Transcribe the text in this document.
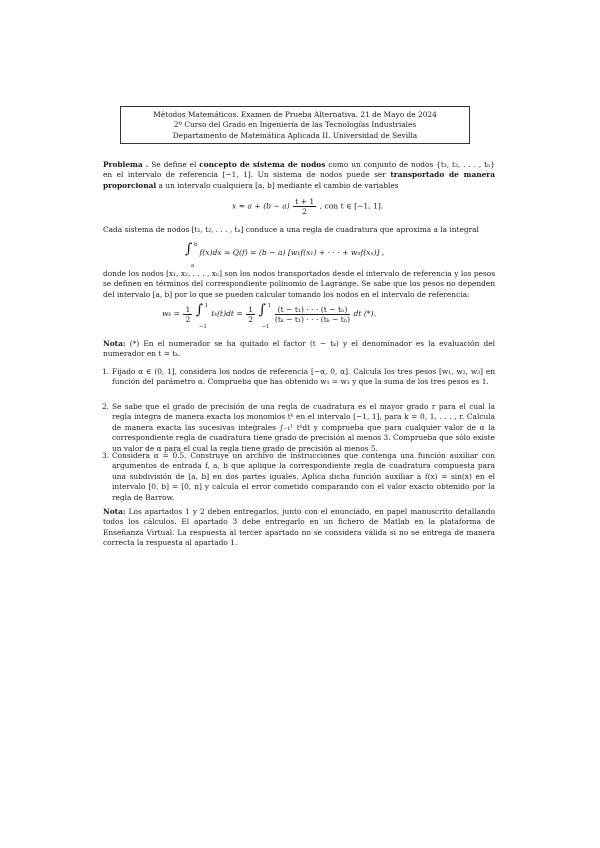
Métodos Matemáticos. Examen de Prueba Alternativa. 21 de Mayo de 2024
2º Curso del Grado en Ingeniería de las Tecnologías Industriales
Departamento de Matemática Aplicada II. Universidad de Sevilla
Problema . Se define el concepto de sistema de nodos como un conjunto de nodos {t₁, t₂, . . . , tₙ} en el intervalo de referencia [−1, 1]. Un sistema de nodos puede ser transportado de manera proporcional a un intervalo cualquiera [a, b] mediante el cambio de variables
$x = a + (b - a) \frac{t + 1}{2}$ , con t ∈ [−1, 1].
Cada sistema de nodos [t₁, t₂, . . . , tₙ] conduce a una regla de cuadratura que aproxima a la integral
∫ b
a
f(x)dx ≃ Q(f) = (b − a) [w₁f(x₁) + · · · + wₙf(xₙ)] ,
donde los nodos [x₁, x₂, . . . , xₙ] son los nodos transportados desde el intervalo de referencia y los pesos se definen en términos del correspondiente polinomio de Lagrange. Se sabe que los pesos no dependen del intervalo [a, b] por lo que se pueden calcular tomando los nodos en el intervalo de referencia:
$w_k = \frac{1}{2}$
∫ 1
−1
ℓₖ(t)dt = $\frac{1}{2}$
∫ 1
−1

$\frac{\text{(t − t₁) · · · (t − tₙ)}}{\text{(tₖ − t₁) · · · (tₖ − tₙ)}}$ dt (*).
Nota: (*) En el numerador se ha quitado el factor (t − tₖ) y el denominador es la evaluación del numerador en t = tₖ.
1. Fijado α ∈ (0, 1], considera los nodos de referencia [−α, 0, α]. Calcula los tres pesos [w₁, w₂, w₃] en función del parámetro α. Comprueba que has obtenido w₁ = w₃ y que la suma de los tres pesos es 1.
2. Se sabe que el grado de precisión de una regla de cuadratura es el mayor grado r para el cual la regla integra de manera exacta los monomios tᵏ en el intervalo [−1, 1], para k = 0, 1, . . . , r. Calcula de manera exacta las sucesivas integrales ∫₋₁¹ tᵏdt y comprueba que para cualquier valor de α la correspondiente regla de cuadratura tiene grado de precisión al menos 3. Comprueba que sólo existe un valor de α para el cual la regla tiene grado de precisión al menos 5.
3. Considera α = 0.5. Construye un archivo de instrucciones que contenga una función auxiliar con argumentos de entrada f, a, b que aplique la correspondiente regla de cuadratura compuesta para una subdivisión de [a, b] en dos partes iguales. Aplica dicha función auxiliar a f(x) = sin(x) en el intervalo [0, b] = [0, π] y calcula el error cometido comparando con el valor exacto obtenido por la regla de Barrow.
Nota: Los apartados 1 y 2 deben entregarlos, junto con el enunciado, en papel manuscrito detallando todos los cálculos. El apartado 3 debe entregarlo en un fichero de Matlab en la plataforma de Enseñanza Virtual. La respuesta al tercer apartado no se considera válida si no se entrega de manera correcta la respuesta al apartado 1.
